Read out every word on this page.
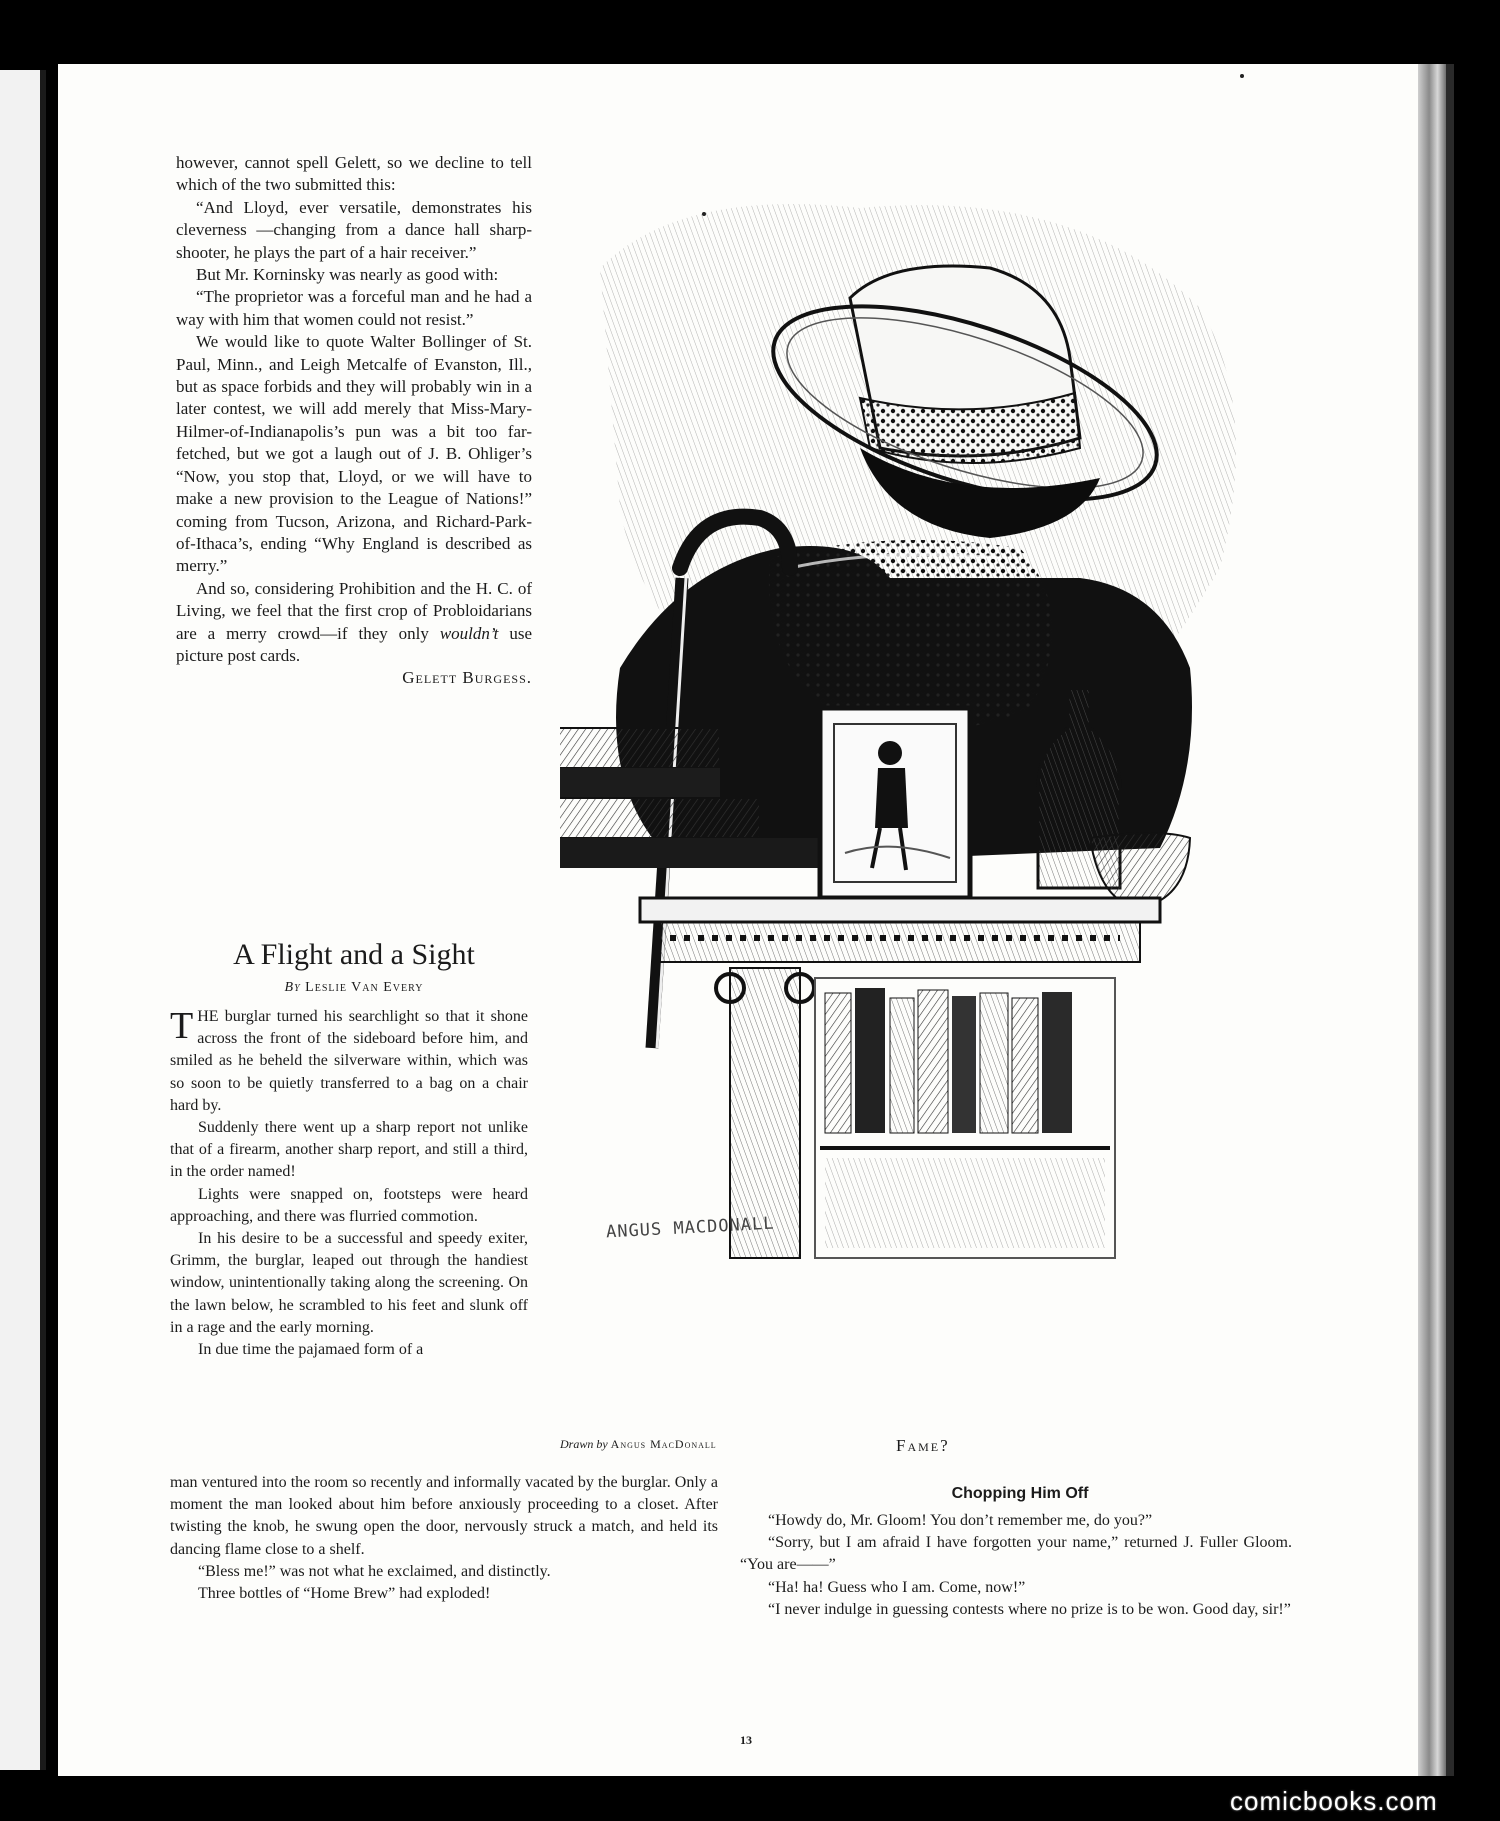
however, cannot spell Gelett, so we decline to tell which of the two submitted this:

“And Lloyd, ever versatile, demonstrates his cleverness —changing from a dance hall sharp-shooter, he plays the part of a hair receiver.”

But Mr. Korninsky was nearly as good with:

“The proprietor was a forceful man and he had a way with him that women could not resist.”

We would like to quote Walter Bollinger of St. Paul, Minn., and Leigh Metcalfe of Evanston, Ill., but as space forbids and they will probably win in a later contest, we will add merely that Miss-Mary-Hilmer-of-Indianapolis’s pun was a bit too far-fetched, but we got a laugh out of J. B. Ohliger’s “Now, you stop that, Lloyd, or we will have to make a new provision to the League of Nations!” coming from Tucson, Arizona, and Richard-Park-of-Ithaca’s, ending “Why England is described as merry.”

And so, considering Prohibition and the H. C. of Living, we feel that the first crop of Probloidarians are a merry crowd—if they only wouldn’t use picture post cards.

Gelett Burgess.

A Flight and a Sight
By Leslie Van Every

THE burglar turned his searchlight so that it shone across the front of the sideboard before him, and smiled as he beheld the silverware within, which was so soon to be quietly transferred to a bag on a chair hard by.

Suddenly there went up a sharp report not unlike that of a firearm, another sharp report, and still a third, in the order named!

Lights were snapped on, footsteps were heard approaching, and there was flurried commotion.

In his desire to be a successful and speedy exiter, Grimm, the burglar, leaped out through the handiest window, unintentionally taking along the screening. On the lawn below, he scrambled to his feet and slunk off in a rage and the early morning.

In due time the pajamaed form of a

man ventured into the room so recently and informally vacated by the burglar. Only a moment the man looked about him before anxiously proceeding to a closet. After twisting the knob, he swung open the door, nervously struck a match, and held its dancing flame close to a shelf.

“Bless me!” was not what he exclaimed, and distinctly.

Three bottles of “Home Brew” had exploded!

ANGUS MACDONALL
Drawn by Angus MacDonall	Fame?
Chopping Him Off

“Howdy do, Mr. Gloom! You don’t remember me, do you?”

“Sorry, but I am afraid I have forgotten your name,” returned J. Fuller Gloom. “You are——”

“Ha! ha! Guess who I am. Come, now!”

“I never indulge in guessing contests where no prize is to be won. Good day, sir!”

13
comicbooks.com
